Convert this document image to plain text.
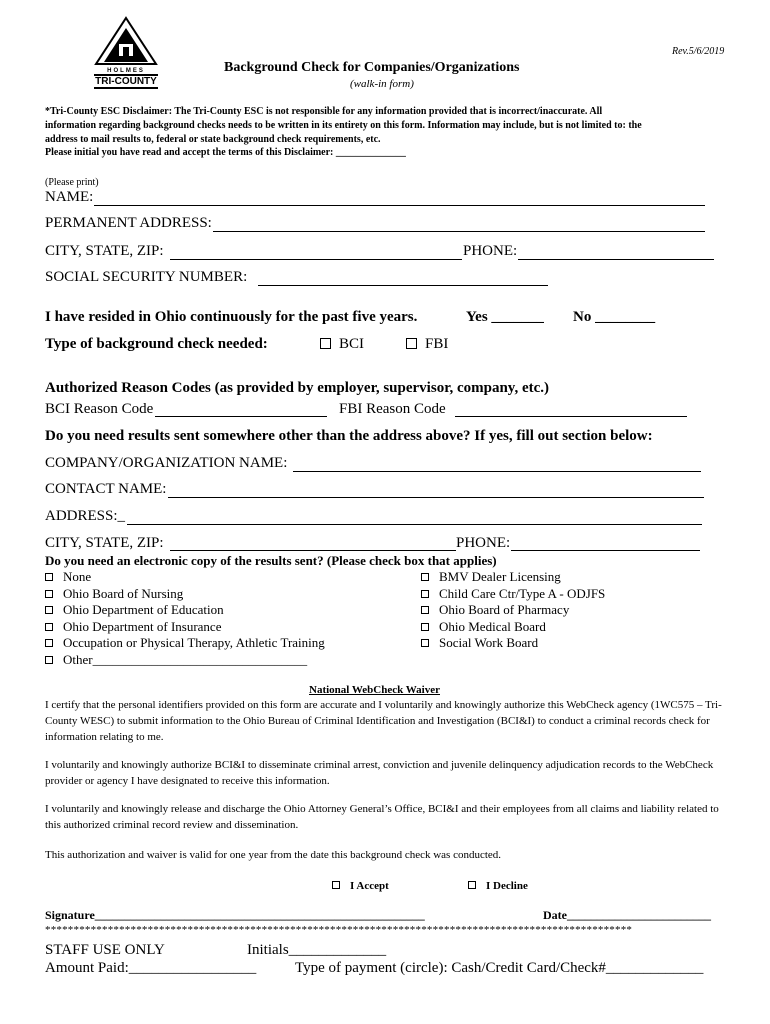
HOLMES
TRI-COUNTY
Rev.5/6/2019
Background Check for Companies/Organizations
(walk-in form)
*Tri-County ESC Disclaimer: The Tri-County ESC is not responsible for any information provided that is incorrect/inaccurate. All
information regarding background checks needs to be written in its entirety on this form. Information may include, but is not limited to: the
address to mail results to, federal or state background check requirements, etc.
Please initial you have read and accept the terms of this Disclaimer: ______________
(Please print)
NAME:
PERMANENT ADDRESS:
CITY, STATE, ZIP:	PHONE:
SOCIAL SECURITY NUMBER:
I have resided in Ohio continuously for the past five years.	Yes _______ No ________
Type of background check needed:	BCI	FBI
Authorized Reason Codes (as provided by employer, supervisor, company, etc.)
BCI Reason Code	FBI Reason Code
Do you need results sent somewhere other than the address above? If yes, fill out section below:
COMPANY/ORGANIZATION NAME:
CONTACT NAME:
ADDRESS:_
CITY, STATE, ZIP:	PHONE:
Do you need an electronic copy of the results sent? (Please check box that applies)
None
Ohio Board of Nursing
Ohio Department of Education
Ohio Department of Insurance
Occupation or Physical Therapy, Athletic Training
Other_________________________________
BMV Dealer Licensing
Child Care Ctr/Type A - ODJFS
Ohio Board of Pharmacy
Ohio Medical Board
Social Work Board
National WebCheck Waiver
I certify that the personal identifiers provided on this form are accurate and I voluntarily and knowingly authorize this WebCheck agency (1WC575 – Tri-County WESC) to submit information to the Ohio Bureau of Criminal Identification and Investigation (BCI&I) to conduct a criminal records check for information relating to me.
I voluntarily and knowingly authorize BCI&I to disseminate criminal arrest, conviction and juvenile delinquency adjudication records to the WebCheck provider or agency I have designated to receive this information.
I voluntarily and knowingly release and discharge the Ohio Attorney General’s Office, BCI&I and their employees from all claims and liability related to this authorized criminal record review and dissemination.
This authorization and waiver is valid for one year from the date this background check was conducted.
I Accept	I Decline
Signature_______________________________________________________	Date________________________
*******************************************************************************************************
STAFF USE ONLY	Initials_____________
Amount Paid:_________________	Type of payment (circle): Cash/Credit Card/Check#_____________
